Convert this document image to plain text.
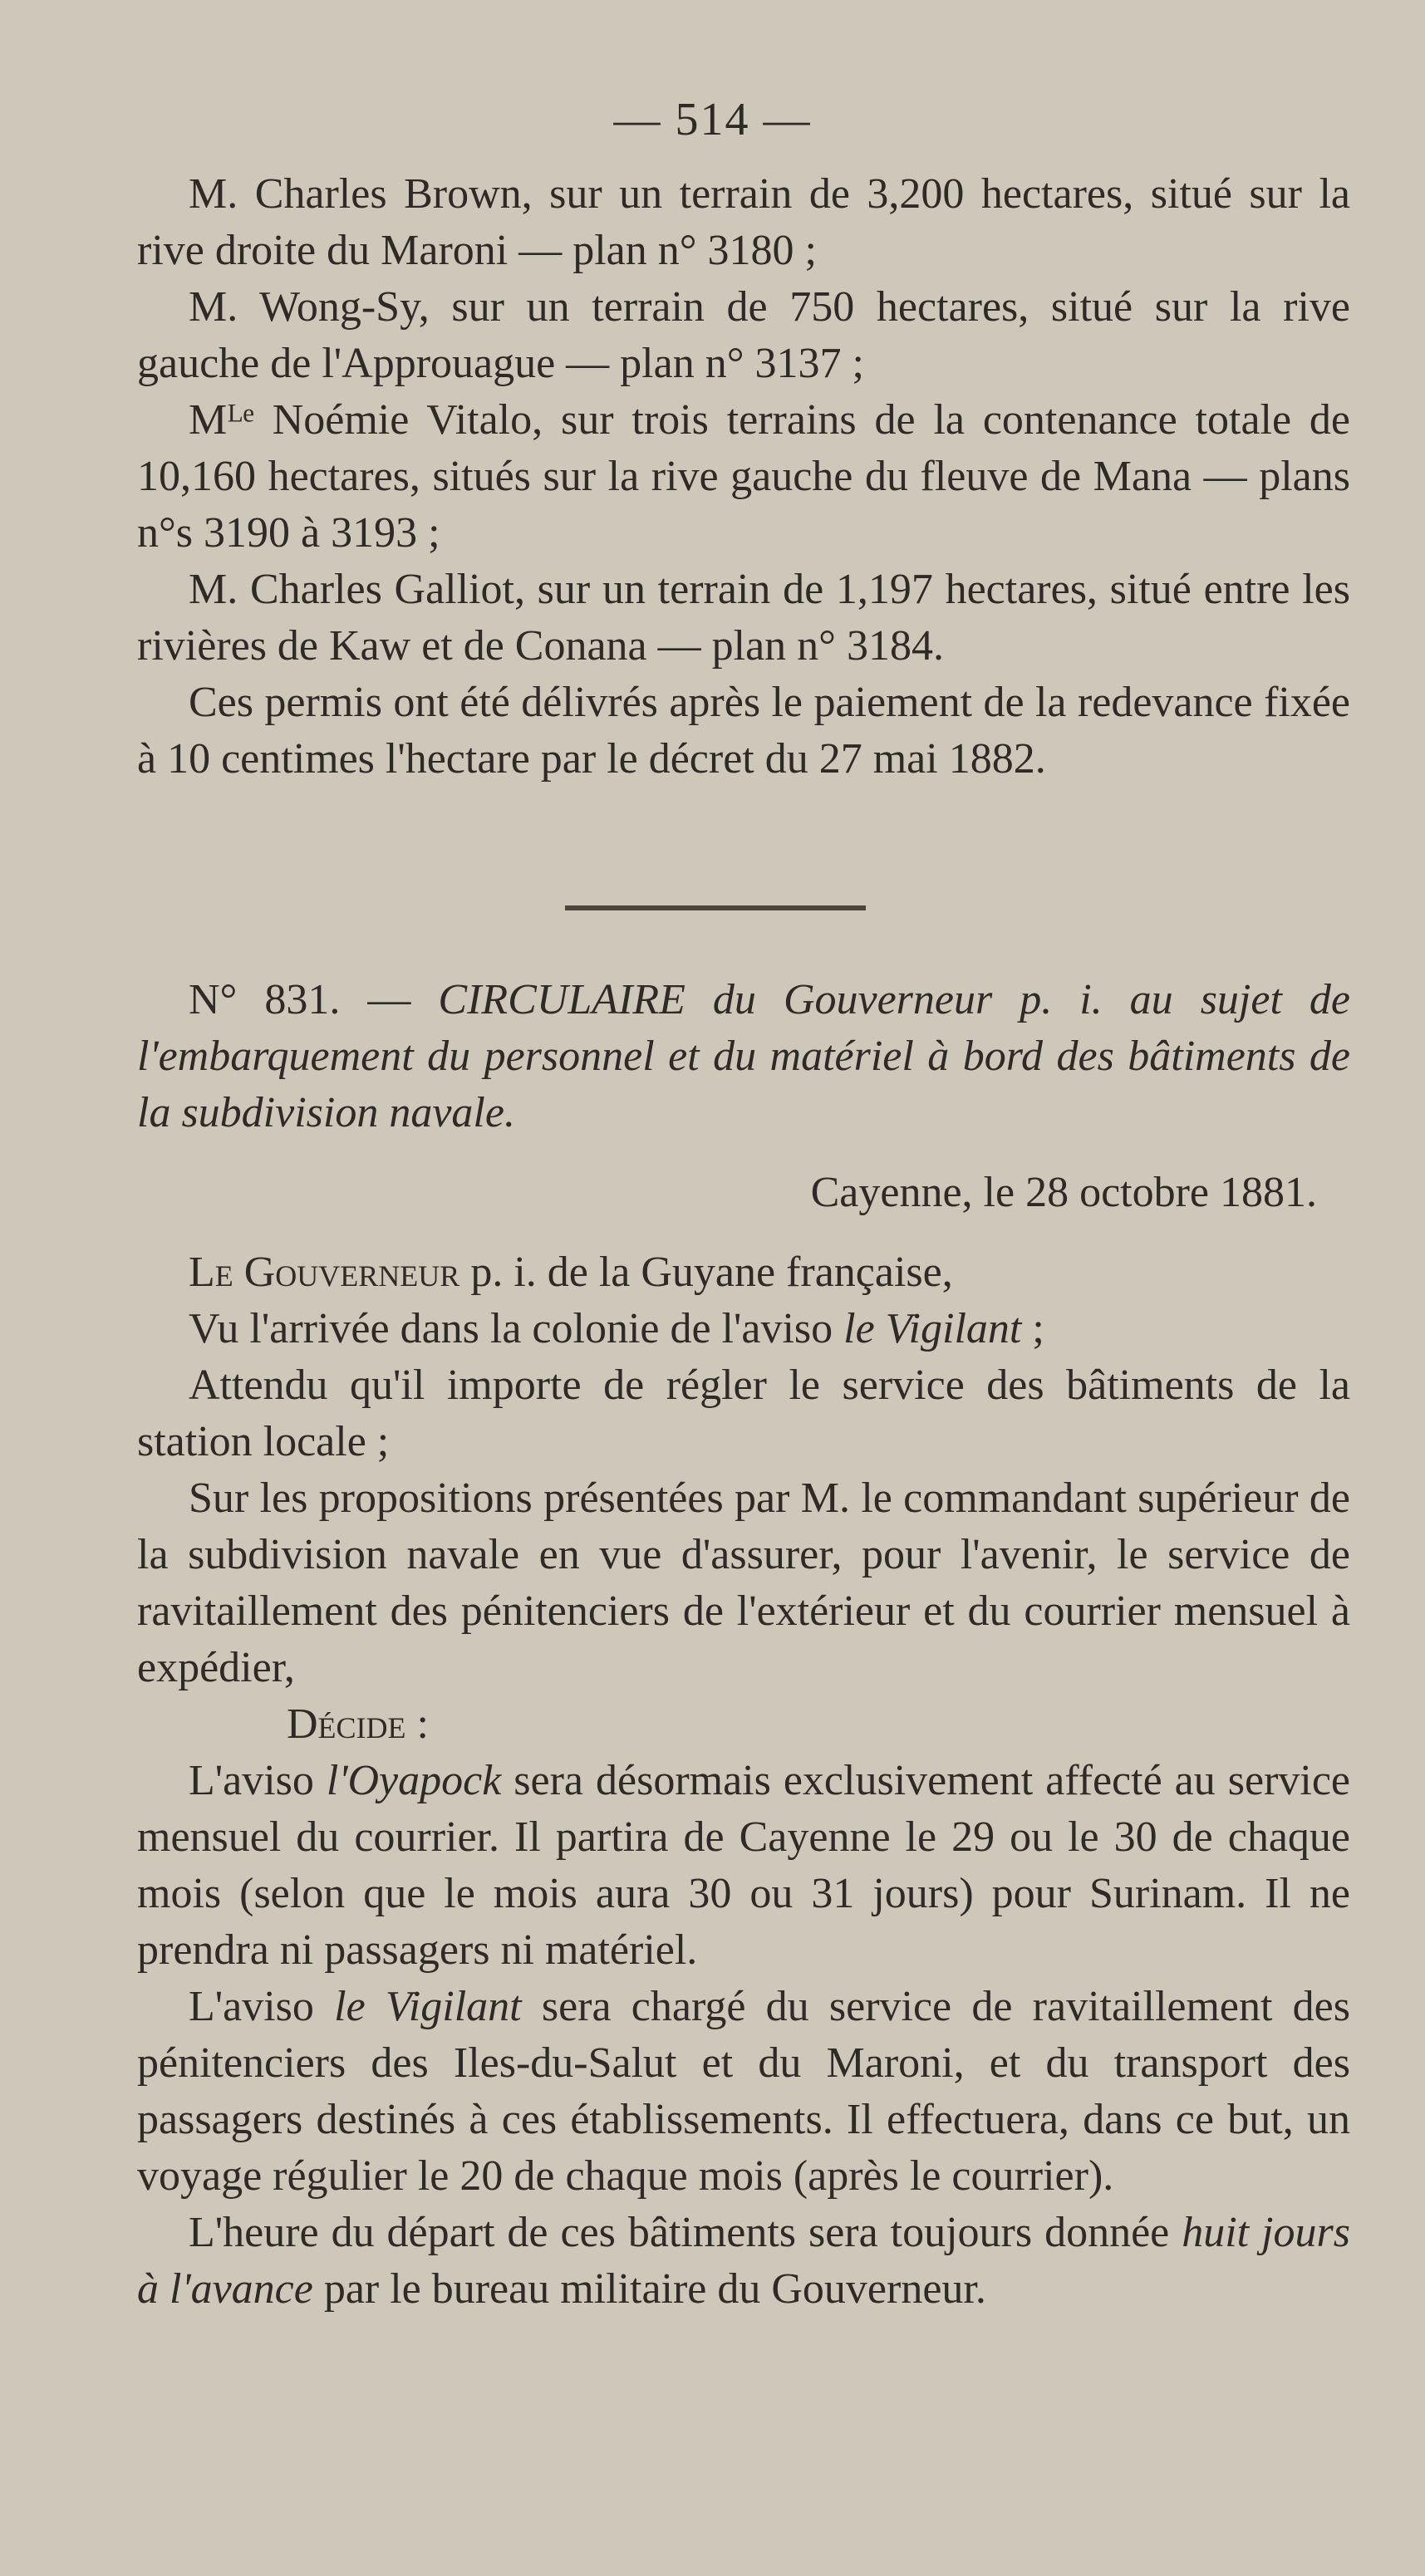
— 514 —

M. Charles Brown, sur un terrain de 3,200 hectares, situé sur la rive droite du Maroni — plan n° 3180 ;

M. Wong-Sy, sur un terrain de 750 hectares, situé sur la rive gauche de l'Approuague — plan n° 3137 ;

Mᴸᵉ Noémie Vitalo, sur trois terrains de la contenance totale de 10,160 hectares, situés sur la rive gauche du fleuve de Mana — plans n°s 3190 à 3193 ;

M. Charles Galliot, sur un terrain de 1,197 hectares, situé entre les rivières de Kaw et de Conana — plan n° 3184.

Ces permis ont été délivrés après le paiement de la redevance fixée à 10 centimes l'hectare par le décret du 27 mai 1882.

N° 831. — CIRCULAIRE du Gouverneur p. i. au sujet de l'embarquement du personnel et du matériel à bord des bâtiments de la subdivision navale.

Cayenne, le 28 octobre 1881.

Le Gouverneur p. i. de la Guyane française,

Vu l'arrivée dans la colonie de l'aviso le Vigilant ;

Attendu qu'il importe de régler le service des bâtiments de la station locale ;

Sur les propositions présentées par M. le commandant supérieur de la subdivision navale en vue d'assurer, pour l'avenir, le service de ravitaillement des pénitenciers de l'extérieur et du courrier mensuel à expédier,

Décide :

L'aviso l'Oyapock sera désormais exclusivement affecté au service mensuel du courrier. Il partira de Cayenne le 29 ou le 30 de chaque mois (selon que le mois aura 30 ou 31 jours) pour Surinam. Il ne prendra ni passagers ni matériel.

L'aviso le Vigilant sera chargé du service de ravitaillement des pénitenciers des Iles-du-Salut et du Maroni, et du transport des passagers destinés à ces établissements. Il effectuera, dans ce but, un voyage régulier le 20 de chaque mois (après le courrier).

L'heure du départ de ces bâtiments sera toujours donnée huit jours à l'avance par le bureau militaire du Gouverneur.
